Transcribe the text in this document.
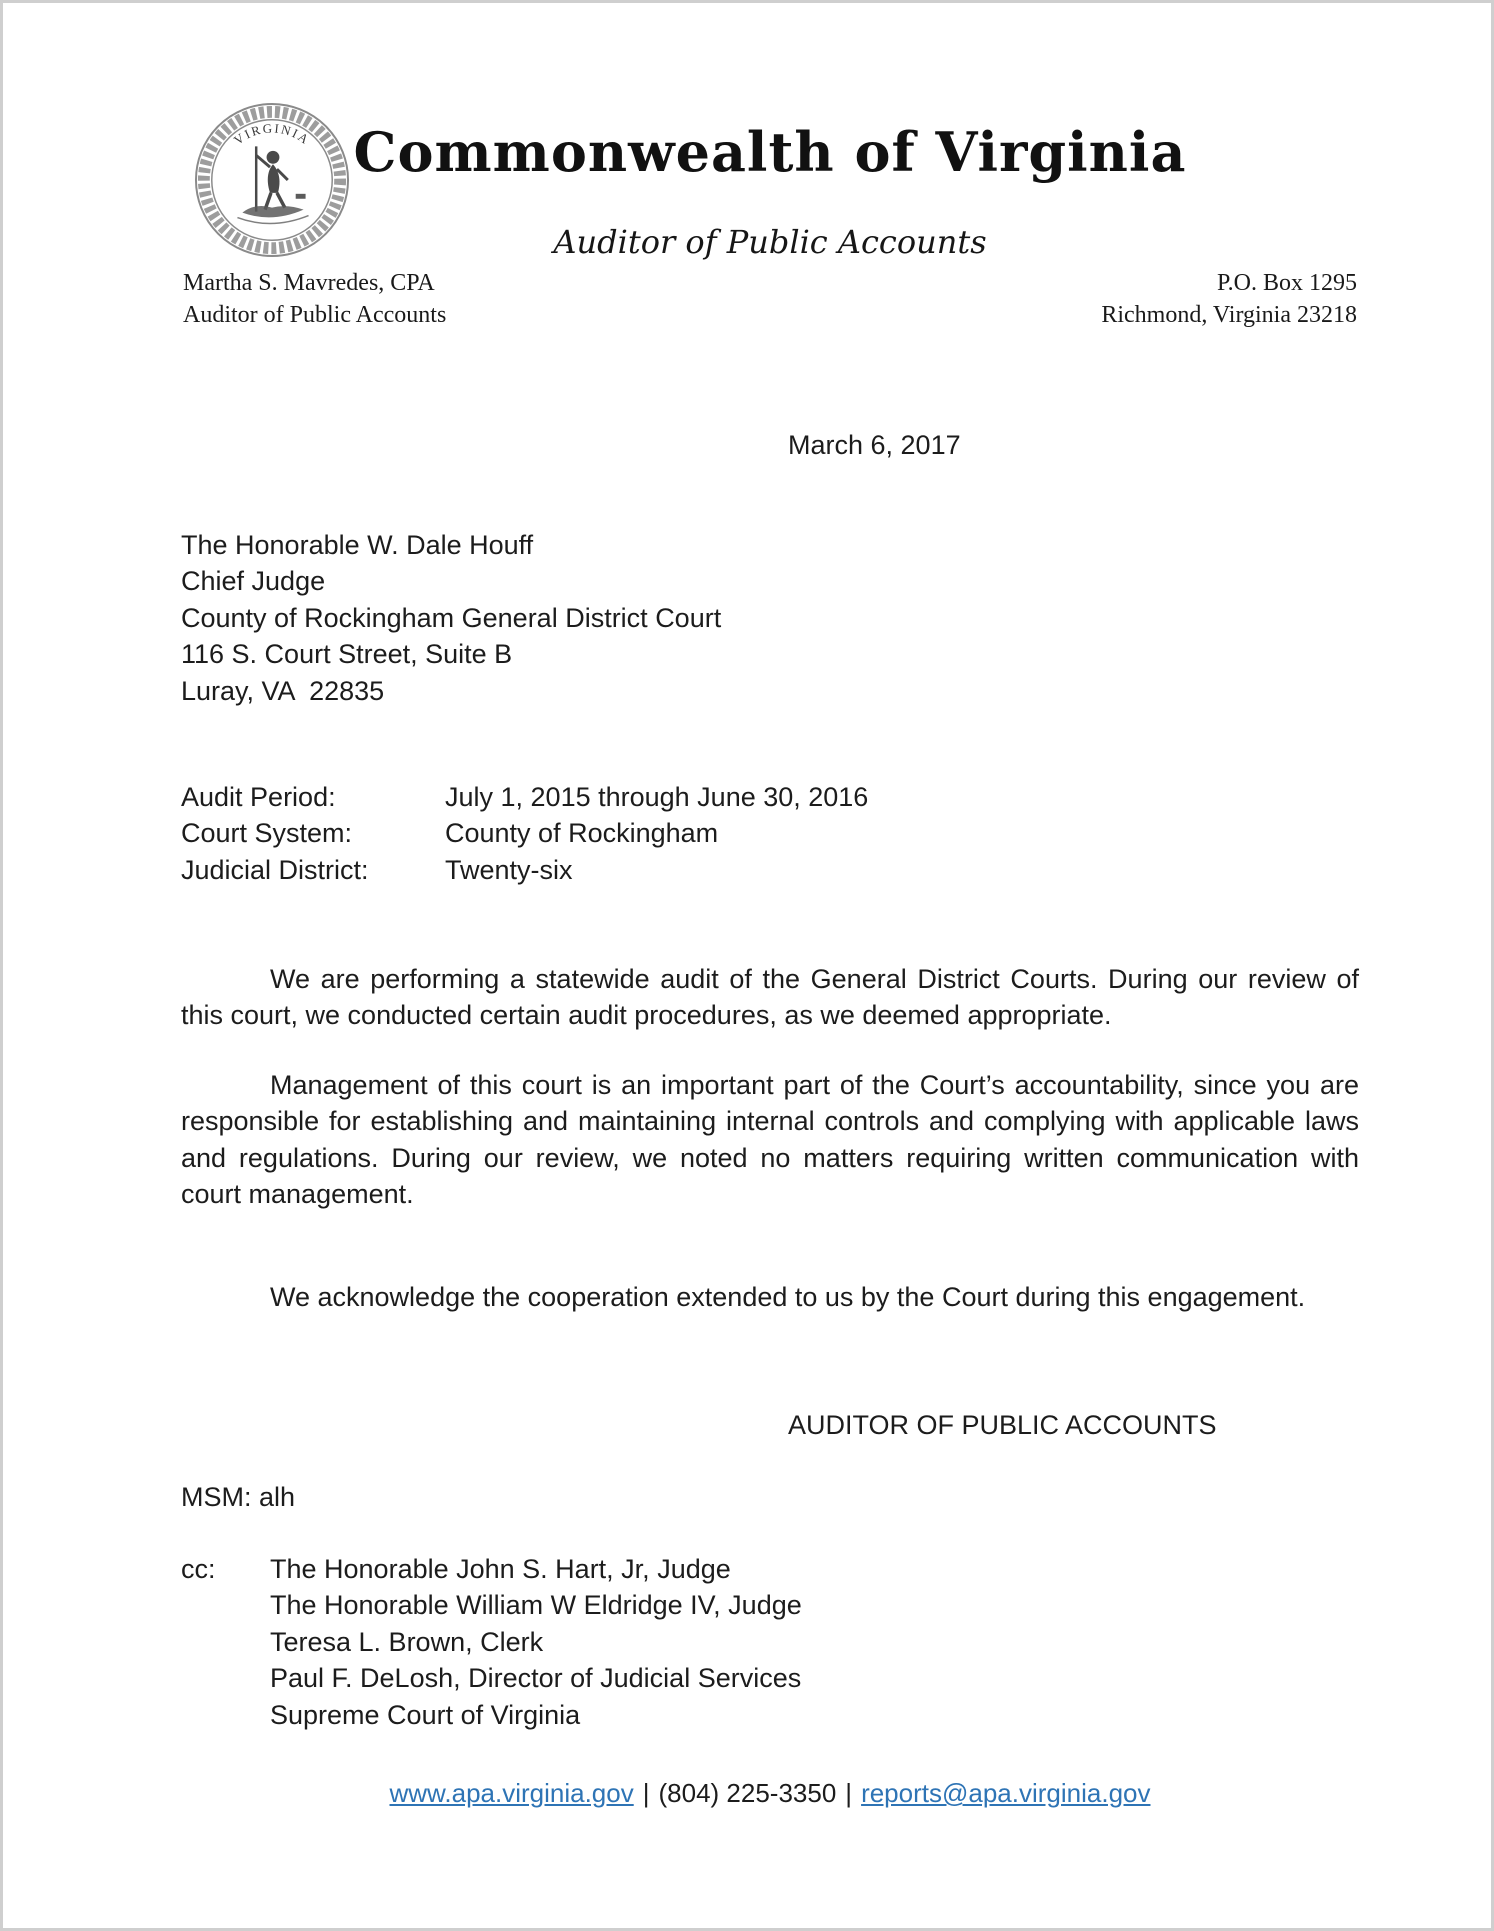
VIRGINIA Commonwealth of Virginia
Auditor of Public Accounts
Martha S. Mavredes, CPA
Auditor of Public Accounts
P.O. Box 1295
Richmond, Virginia 23218
March 6, 2017
The Honorable W. Dale Houff
Chief Judge
County of Rockingham General District Court
116 S. Court Street, Suite B
Luray, VA  22835
Audit Period:	July 1, 2015 through June 30, 2016
Court System:	County of Rockingham
Judicial District:	Twenty-six
We are performing a statewide audit of the General District Courts. During our review of this court, we conducted certain audit procedures, as we deemed appropriate.
Management of this court is an important part of the Court’s accountability, since you are responsible for establishing and maintaining internal controls and complying with applicable laws and regulations. During our review, we noted no matters requiring written communication with court management.
We acknowledge the cooperation extended to us by the Court during this engagement.
AUDITOR OF PUBLIC ACCOUNTS
MSM: alh
cc:	The Honorable John S. Hart, Jr, Judge
The Honorable William W Eldridge IV, Judge
Teresa L. Brown, Clerk
Paul F. DeLosh, Director of Judicial Services
Supreme Court of Virginia
www.apa.virginia.gov | (804) 225-3350 | reports@apa.virginia.gov
